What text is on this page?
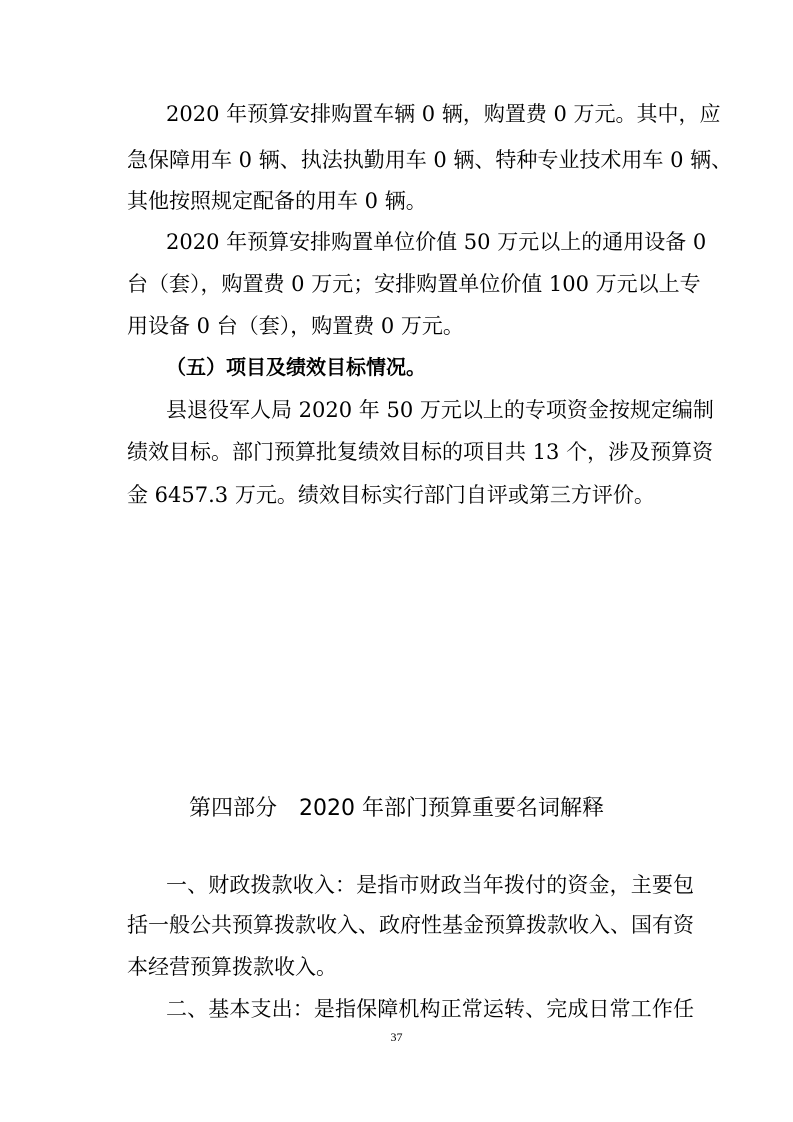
2020 年预算安排购置车辆 0 辆，购置费 0 万元。其中，应
急保障用车 0 辆、执法执勤用车 0 辆、特种专业技术用车 0 辆、
其他按照规定配备的用车 0 辆。
2020 年预算安排购置单位价值 50 万元以上的通用设备 0
台（套），购置费 0 万元；安排购置单位价值 100 万元以上专
用设备 0 台（套），购置费 0 万元。
（五）项目及绩效目标情况。
县退役军人局 2020 年 50 万元以上的专项资金按规定编制
绩效目标。部门预算批复绩效目标的项目共 13 个，涉及预算资
金 6457.3 万元。绩效目标实行部门自评或第三方评价。
第四部分　2020 年部门预算重要名词解释
一、财政拨款收入：是指市财政当年拨付的资金，主要包
括一般公共预算拨款收入、政府性基金预算拨款收入、国有资
本经营预算拨款收入。
二、基本支出：是指保障机构正常运转、完成日常工作任
37
